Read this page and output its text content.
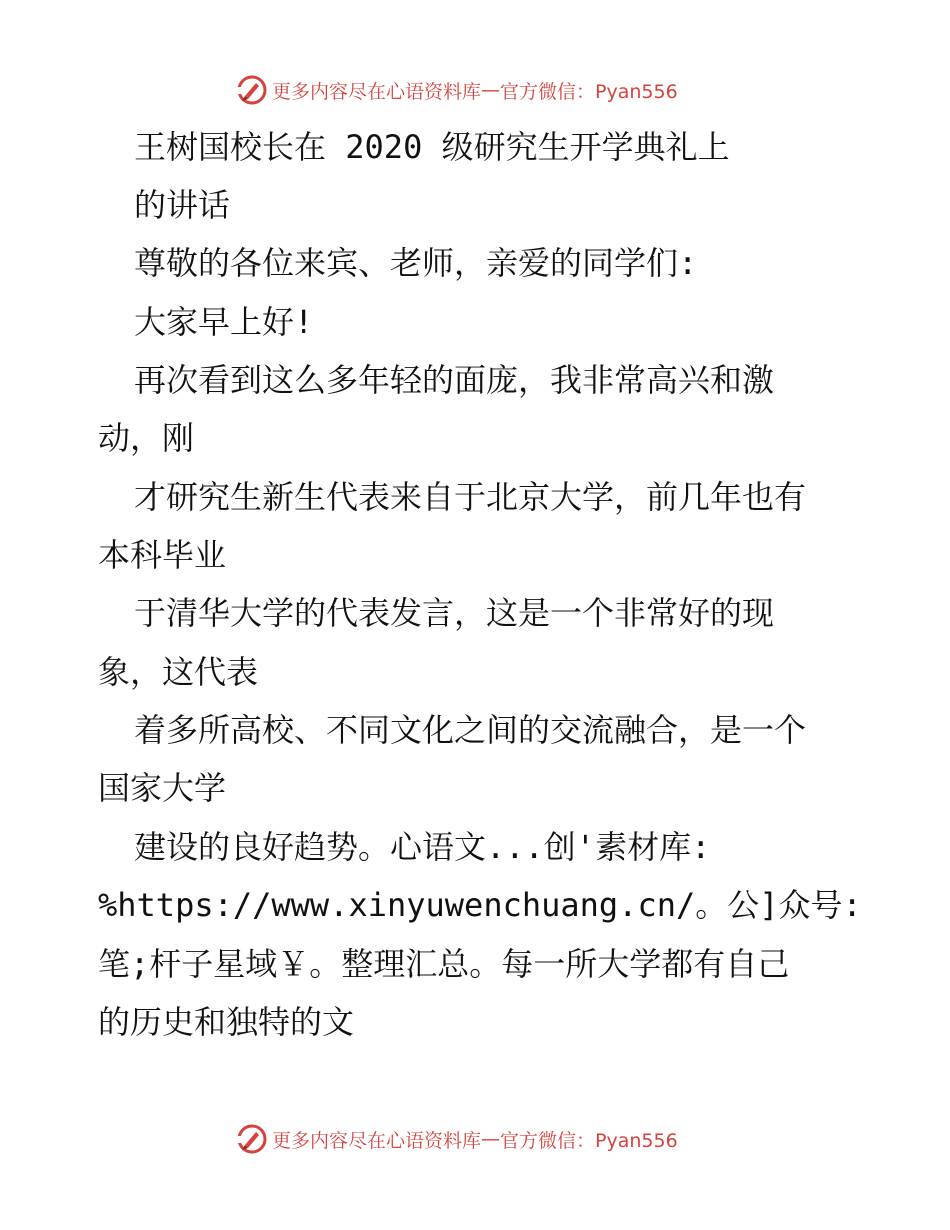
更多内容尽在心语资料库 — 官方微信：Pyan556
王树国校长在 2020 级研究生开学典礼上
的讲话
尊敬的各位来宾、老师，亲爱的同学们:
大家早上好!
再次看到这么多年轻的面庞，我非常高兴和激
动，刚
才研究生新生代表来自于北京大学，前几年也有
本科毕业
于清华大学的代表发言，这是一个非常好的现
象，这代表
着多所高校、不同文化之间的交流融合，是一个
国家大学
建设的良好趋势。心语文...创'素材库:
%https://www.xinyuwenchuang.cn/。公]众号:
笔;杆子星域￥。整理汇总。每一所大学都有自己
的历史和独特的文
更多内容尽在心语资料库 — 官方微信：Pyan556
